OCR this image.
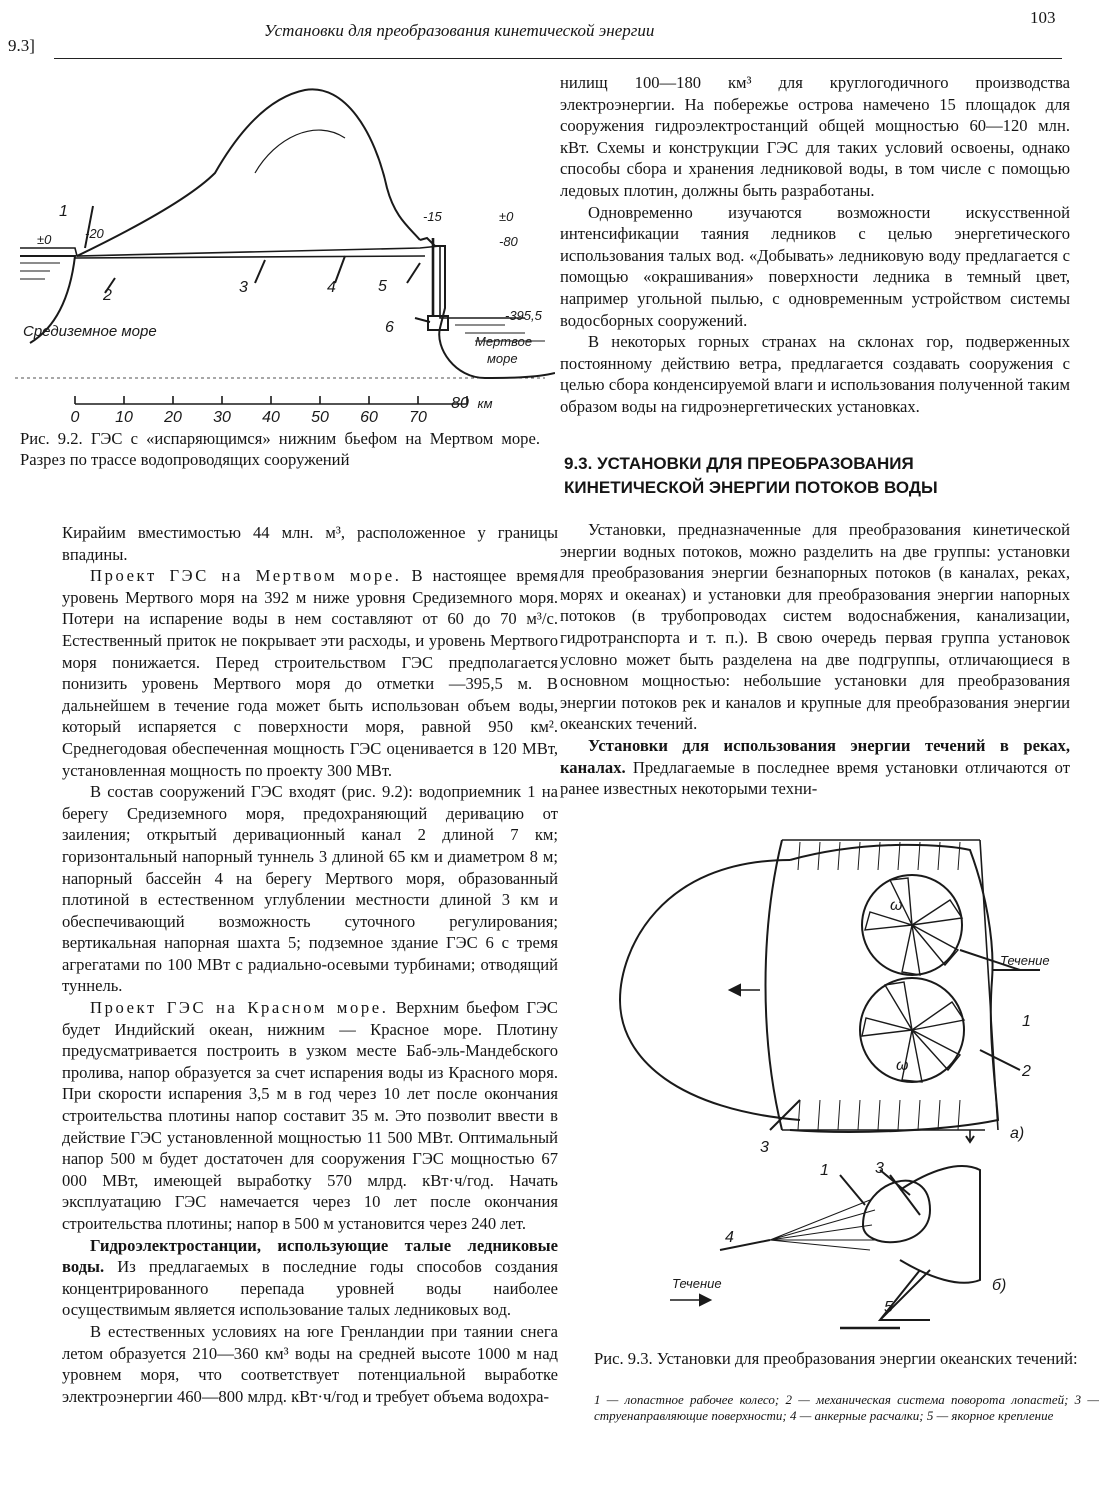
9.3]
Установки для преобразования кинетической энергии
103
1
2	3	4	5
6
±0	-20
-15	±0
-80
-395,5
Средиземное море
Мертвое
море
0 10 20 30 40 50 60 70
80 км
Рис. 9.2. ГЭС с «испаряющимся» нижним бьефом на Мертвом море. Разрез по трассе водопроводящих сооружений

Кирайим вместимостью 44 млн. м³, расположенное у границы впадины.

Проект ГЭС на Мертвом море. В настоящее время уровень Мертвого моря на 392 м ниже уровня Средиземного моря. Потери на испарение воды в нем составляют от 60 до 70 м³/с. Естественный приток не покрывает эти расходы, и уровень Мертвого моря понижается. Перед строительством ГЭС предполагается понизить уровень Мертвого моря до отметки —395,5 м. В дальнейшем в течение года может быть использован объем воды, который испаряется с поверхности моря, равной 950 км². Среднегодовая обеспеченная мощность ГЭС оценивается в 120 МВт, установленная мощность по проекту 300 МВт.

В состав сооружений ГЭС входят (рис. 9.2): водоприемник 1 на берегу Средиземного моря, предохраняющий деривацию от заиления; открытый деривационный канал 2 длиной 7 км; горизонтальный напорный туннель 3 длиной 65 км и диаметром 8 м; напорный бассейн 4 на берегу Мертвого моря, образованный плотиной в естественном углублении местности длиной 3 км и обеспечивающий возможность суточного регулирования; вертикальная напорная шахта 5; подземное здание ГЭС 6 с тремя агрегатами по 100 МВт с радиально-осевыми турбинами; отводящий туннель.

Проект ГЭС на Красном море. Верхним бьефом ГЭС будет Индийский океан, нижним — Красное море. Плотину предусматривается построить в узком месте Баб-эль-Мандебского пролива, напор образуется за счет испарения воды из Красного моря. При скорости испарения 3,5 м в год через 10 лет после окончания строительства плотины напор составит 35 м. Это позволит ввести в действие ГЭС установленной мощностью 11 500 МВт. Оптимальный напор 500 м будет достаточен для сооружения ГЭС мощностью 67 000 МВт, имеющей выработку 570 млрд. кВт·ч/год. Начать эксплуатацию ГЭС намечается через 10 лет после окончания строительства плотины; напор в 500 м установится через 240 лет.

Гидроэлектростанции, использующие талые ледниковые воды. Из предлагаемых в последние годы способов создания концентрированного перепада уровней воды наиболее осуществимым является использование талых ледниковых вод.

В естественных условиях на юге Гренландии при таянии снега летом образуется 210—360 км³ воды на средней высоте 1000 м над уровнем моря, что соответствует потенциальной выработке электроэнергии 460—800 млрд. кВт·ч/год и требует объема водохра-

нилищ 100—180 км³ для круглогодичного производства электроэнергии. На побережье острова намечено 15 площадок для сооружения гидроэлектростанций общей мощностью 60—120 млн. кВт. Схемы и конструкции ГЭС для таких условий освоены, однако способы сбора и хранения ледниковой воды, в том числе с помощью ледовых плотин, должны быть разработаны.

Одновременно изучаются возможности искусственной интенсификации таяния ледников с целью энергетического использования талых вод. «Добывать» ледниковую воду предлагается с помощью «окрашивания» поверхности ледника в темный цвет, например угольной пылью, с одновременным устройством системы водосборных сооружений.

В некоторых горных странах на склонах гор, подверженных постоянному действию ветра, предлагается создавать сооружения с целью сбора конденсируемой влаги и использования полученной таким образом воды на гидроэнергетических установках.

9.3. УСТАНОВКИ ДЛЯ ПРЕОБРАЗОВАНИЯ
КИНЕТИЧЕСКОЙ ЭНЕРГИИ ПОТОКОВ ВОДЫ

Установки, предназначенные для преобразования кинетической энергии водных потоков, можно разделить на две группы: установки для преобразования энергии безнапорных потоков (в каналах, реках, морях и океанах) и установки для преобразования энергии напорных потоков (в трубопроводах систем водоснабжения, канализации, гидротранспорта и т. п.). В свою очередь первая группа установок условно может быть разделена на две подгруппы, отличающиеся в основном мощностью: небольшие установки для преобразования энергии потоков рек и каналов и крупные для преобразования энергии океанских течений.

Установки для использования энергии течений в реках, каналах. Предлагаемые в последнее время установки отличаются от ранее известных некоторыми техни-

ω
ω
Течение
1
2
3
а)
1	3
4
5
Течение	б)
Рис. 9.3. Установки для преобразования энергии океанских течений:
1 — лопастное рабочее колесо; 2 — механическая система поворота лопастей; 3 — струенаправляющие поверхности; 4 — анкерные расчалки; 5 — якорное крепление
